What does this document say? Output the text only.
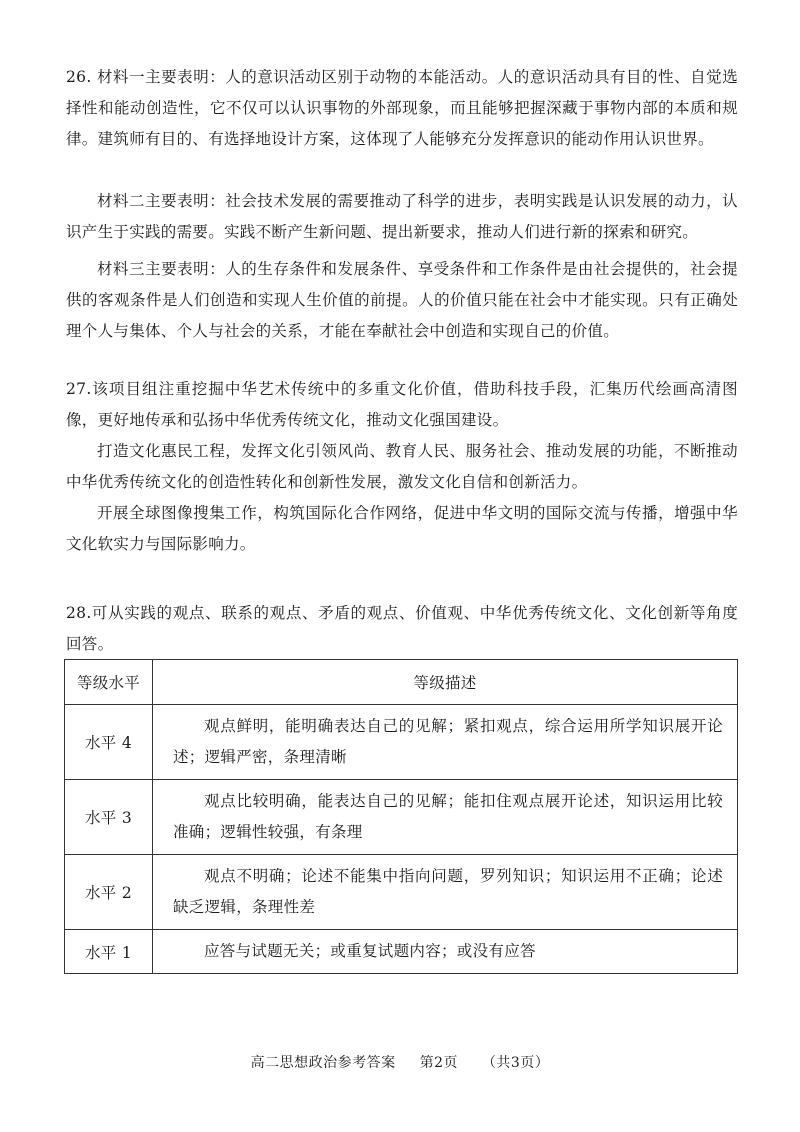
26. 材料一主要表明：人的意识活动区别于动物的本能活动。人的意识活动具有目的性、自觉选择性和能动创造性，它不仅可以认识事物的外部现象，而且能够把握深藏于事物内部的本质和规律。建筑师有目的、有选择地设计方案，这体现了人能够充分发挥意识的能动作用认识世界。

材料二主要表明：社会技术发展的需要推动了科学的进步，表明实践是认识发展的动力，认识产生于实践的需要。实践不断产生新问题、提出新要求，推动人们进行新的探索和研究。

材料三主要表明：人的生存条件和发展条件、享受条件和工作条件是由社会提供的，社会提供的客观条件是人们创造和实现人生价值的前提。人的价值只能在社会中才能实现。只有正确处理个人与集体、个人与社会的关系，才能在奉献社会中创造和实现自己的价值。

27.该项目组注重挖掘中华艺术传统中的多重文化价值，借助科技手段，汇集历代绘画高清图像，更好地传承和弘扬中华优秀传统文化，推动文化强国建设。

打造文化惠民工程，发挥文化引领风尚、教育人民、服务社会、推动发展的功能，不断推动中华优秀传统文化的创造性转化和创新性发展，激发文化自信和创新活力。

开展全球图像搜集工作，构筑国际化合作网络，促进中华文明的国际交流与传播，增强中华文化软实力与国际影响力。

28.可从实践的观点、联系的观点、矛盾的观点、价值观、中华优秀传统文化、文化创新等角度回答。

等级水平	等级描述
水平 4	观点鲜明，能明确表达自己的见解；紧扣观点，综合运用所学知识展开论述；逻辑严密，条理清晰

水平 3	观点比较明确，能表达自己的见解；能扣住观点展开论述，知识运用比较准确；逻辑性较强，有条理

水平 2	观点不明确；论述不能集中指向问题，罗列知识；知识运用不正确；论述缺乏逻辑，条理性差

水平 1	应答与试题无关；或重复试题内容；或没有应答
高二思想政治参考答案 第2页 （共3页）
